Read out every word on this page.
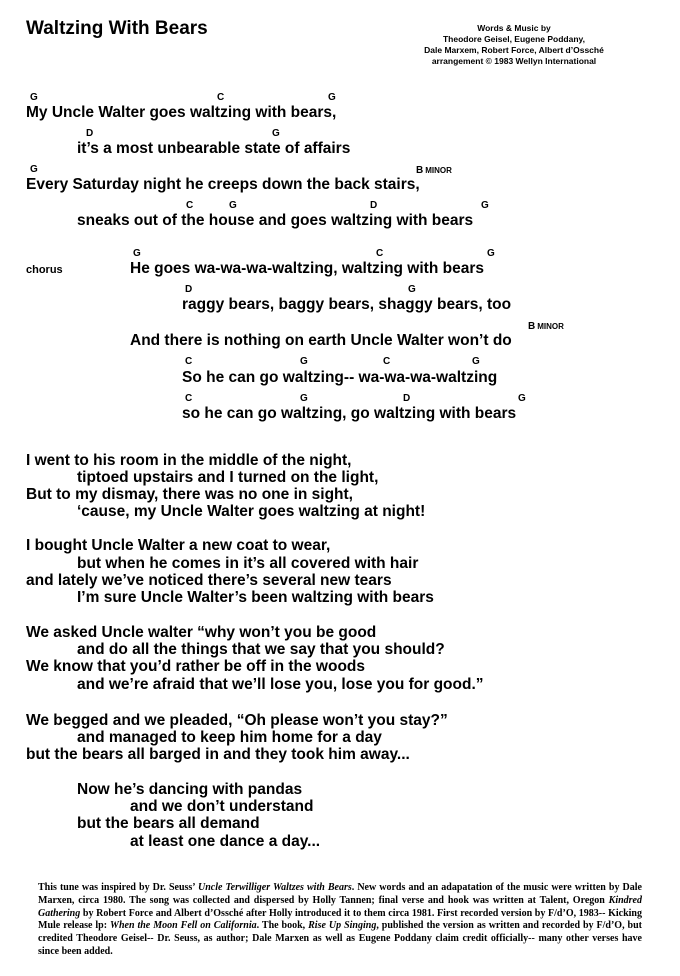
Waltzing With Bears	Words & Music by
Theodore Geisel, Eugene Poddany,
Dale Marxem, Robert Force, Albert d’Ossché
arrangement © 1983 Wellyn International
G	C	G
My Uncle Walter goes waltzing with bears,
D	G
it’s a most unbearable state of affairs
G	B MINOR
Every Saturday night he creeps down the back stairs,
C	G	D	G
sneaks out of the house and goes waltzing with bears
chorus
G	C	G
He goes wa-wa-wa-waltzing, waltzing with bears
D	G
raggy bears, baggy bears, shaggy bears, too
B MINOR
And there is nothing on earth Uncle Walter won’t do
C	G	C	G
So he can go waltzing-- wa-wa-wa-waltzing
C	G	D	G
so he can go waltzing, go waltzing with bears
I went to his room in the middle of the night,
tiptoed upstairs and I turned on the light,
But to my dismay, there was no one in sight,
‘cause, my Uncle Walter goes waltzing at night!
I bought Uncle Walter a new coat to wear,
but when he comes in it’s all covered with hair
and lately we’ve noticed there’s several new tears
I’m sure Uncle Walter’s been waltzing with bears
We asked Uncle walter “why won’t you be good
and do all the things that we say that you should?
We know that you’d rather be off in the woods
and we’re afraid that we’ll lose you, lose you for good.”
We begged and we pleaded, “Oh please won’t you stay?”
and managed to keep him home for a day
but the bears all barged in and they took him away...
Now he’s dancing with pandas
and we don’t understand
but the bears all demand
at least one dance a day...
This tune was inspired by Dr. Seuss’ Uncle Terwilliger Waltzes with Bears. New words and an adapatation of the music were written by Dale Marxen, circa 1980. The song was collected and dispersed by Holly Tannen; final verse and hook was written at Talent, Oregon Kindred Gathering by Robert Force and Albert d’Ossché after Holly introduced it to them circa 1981. First recorded version by F/d’O, 1983-- Kicking Mule release lp: When the Moon Fell on California. The book, Rise Up Singing, published the version as written and recorded by F/d’O, but credited Theodore Geisel-- Dr. Seuss, as author; Dale Marxen as well as Eugene Poddany claim credit officially-- many other verses have since been added.
